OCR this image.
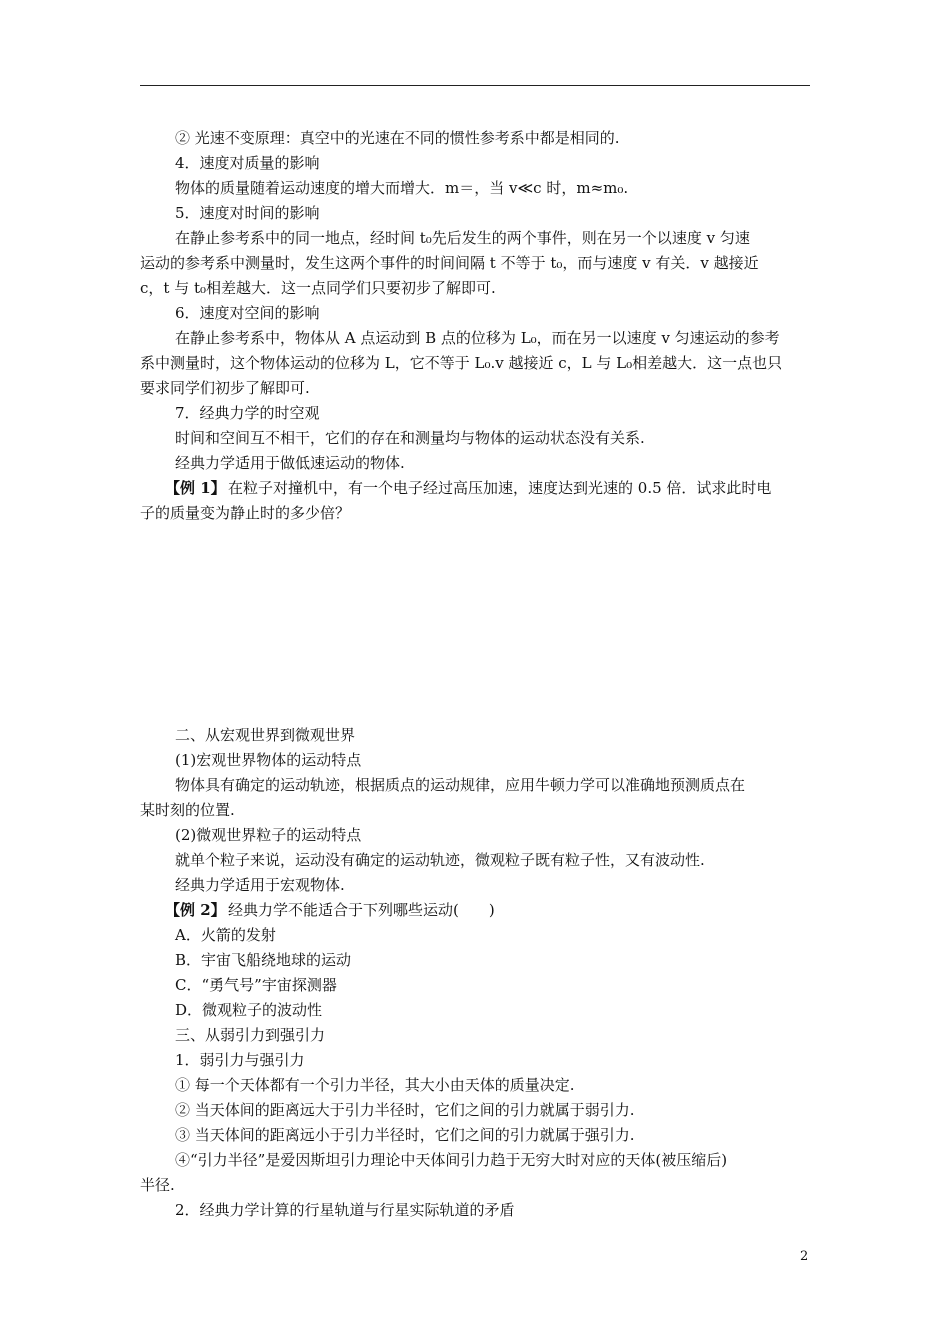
② 光速不变原理：真空中的光速在不同的惯性参考系中都是相同的.
4．速度对质量的影响
物体的质量随着运动速度的增大而增大．m＝，当 v≪c 时，m≈m₀.
5．速度对时间的影响
在静止参考系中的同一地点，经时间 t₀先后发生的两个事件，则在另一个以速度 v 匀速
运动的参考系中测量时，发生这两个事件的时间间隔 t 不等于 t₀，而与速度 v 有关．v 越接近
c，t 与 t₀相差越大．这一点同学们只要初步了解即可.
6．速度对空间的影响
在静止参考系中，物体从 A 点运动到 B 点的位移为 L₀，而在另一以速度 v 匀速运动的参考
系中测量时，这个物体运动的位移为 L，它不等于 L₀.v 越接近 c，L 与 L₀相差越大．这一点也只
要求同学们初步了解即可.
7．经典力学的时空观
时间和空间互不相干，它们的存在和测量均与物体的运动状态没有关系.
经典力学适用于做低速运动的物体.
【例 1】 在粒子对撞机中，有一个电子经过高压加速，速度达到光速的 0.5 倍．试求此时电
子的质量变为静止时的多少倍？
二、从宏观世界到微观世界
(1)宏观世界物体的运动特点
物体具有确定的运动轨迹，根据质点的运动规律，应用牛顿力学可以准确地预测质点在
某时刻的位置.
(2)微观世界粒子的运动特点
就单个粒子来说，运动没有确定的运动轨迹，微观粒子既有粒子性，又有波动性.
经典力学适用于宏观物体.
【例 2】 经典力学不能适合于下列哪些运动(　　)
A．火箭的发射
B．宇宙飞船绕地球的运动
C．“勇气号”宇宙探测器
D．微观粒子的波动性
三、从弱引力到强引力
1．弱引力与强引力
① 每一个天体都有一个引力半径，其大小由天体的质量决定.
② 当天体间的距离远大于引力半径时，它们之间的引力就属于弱引力.
③ 当天体间的距离远小于引力半径时，它们之间的引力就属于强引力.
④“引力半径”是爱因斯坦引力理论中天体间引力趋于无穷大时对应的天体(被压缩后)
半径.
2．经典力学计算的行星轨道与行星实际轨道的矛盾
2
